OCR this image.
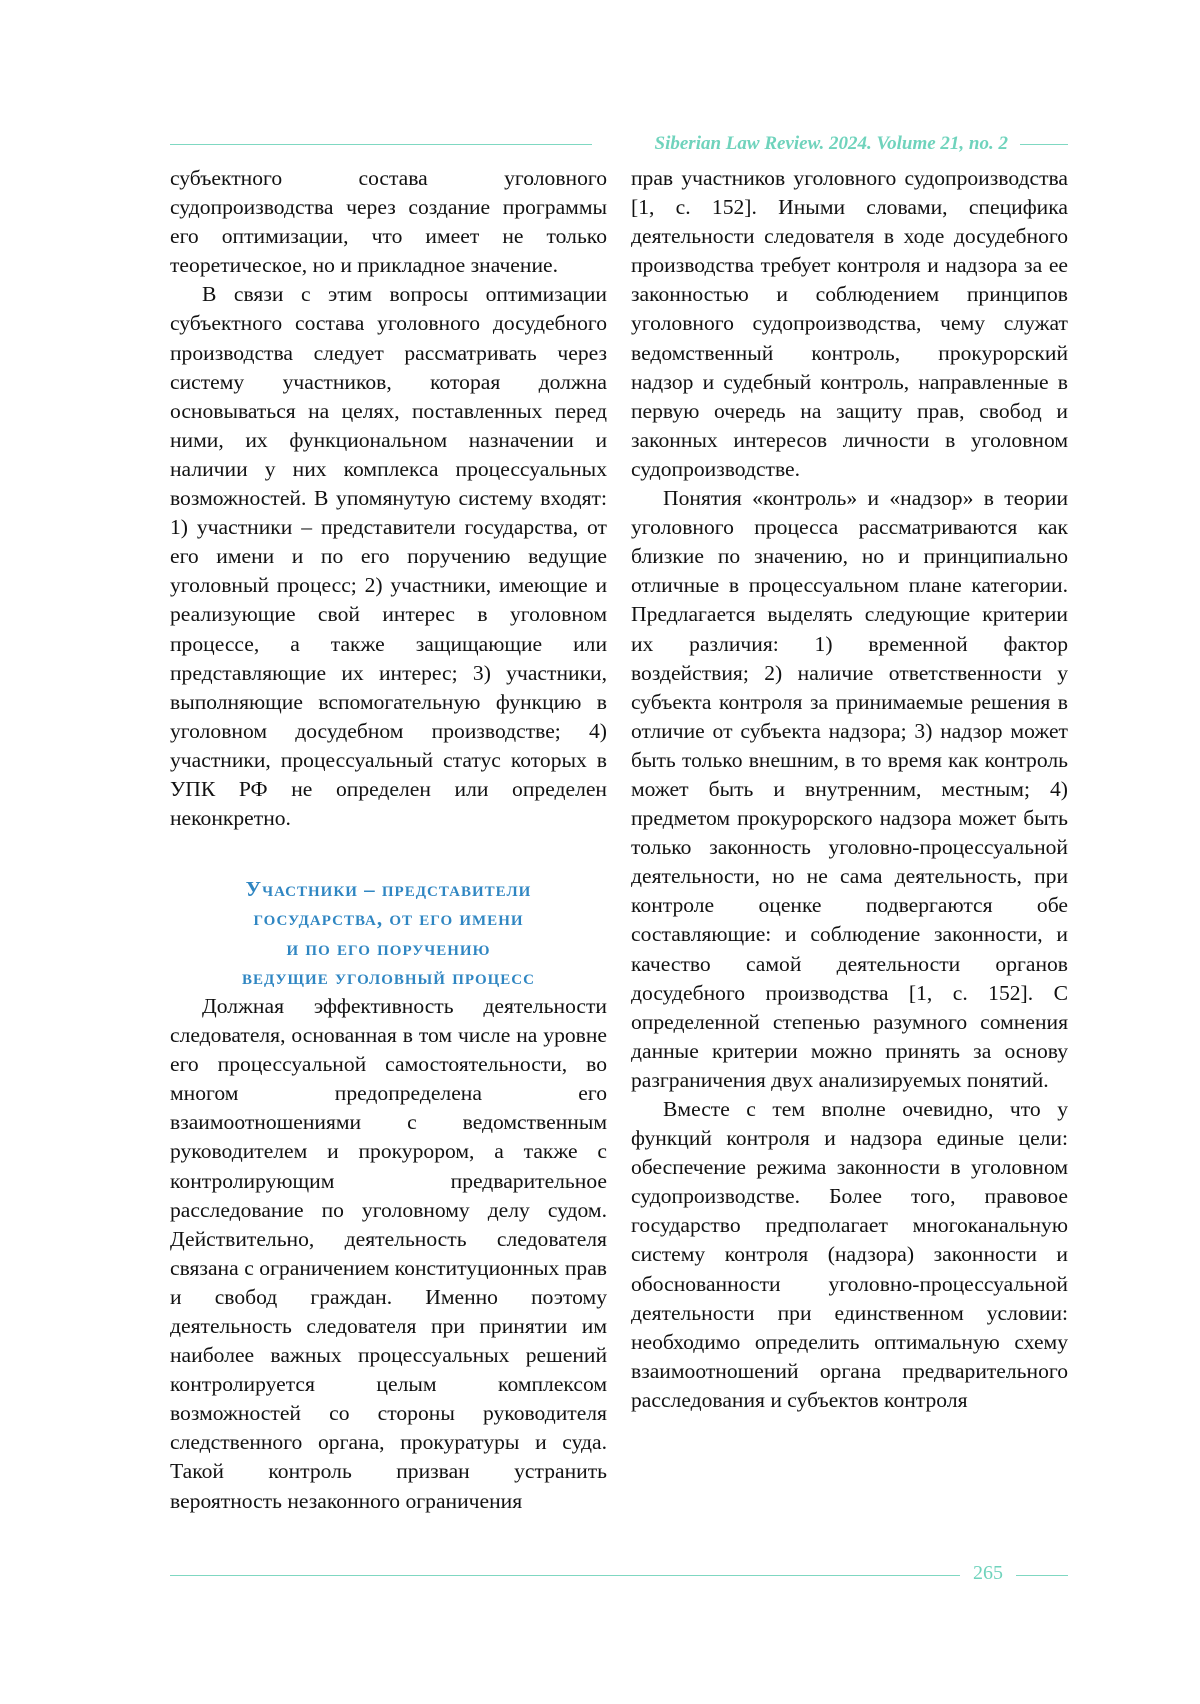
Siberian Law Review. 2024. Volume 21, no. 2

субъектного состава уголовного судопроизводства через создание программы его оптимизации, что имеет не только теоретическое, но и прикладное значение.

В связи с этим вопросы оптимизации субъектного состава уголовного досудебного производства следует рассматривать через систему участников, которая должна основываться на целях, поставленных перед ними, их функциональном назначении и наличии у них комплекса процессуальных возможностей. В упомянутую систему входят: 1) участники – представители государства, от его имени и по его поручению ведущие уголовный процесс; 2) участники, имеющие и реализующие свой интерес в уголовном процессе, а также защищающие или представляющие их интерес; 3) участники, выполняющие вспомогательную функцию в уголовном досудебном производстве; 4) участники, процессуальный статус которых в УПК РФ не определен или определен неконкретно.

Участники – представители
государства, от его имени
и по его поручению
ведущие уголовный процесс

Должная эффективность деятельности следователя, основанная в том числе на уровне его процессуальной самостоятельности, во многом предопределена его взаимоотношениями с ведомственным руководителем и прокурором, а также с контролирующим предварительное расследование по уголовному делу судом. Действительно, деятельность следователя связана с ограничением конституционных прав и свобод граждан. Именно поэтому деятельность следователя при принятии им наиболее важных процессуальных решений контролируется целым комплексом возможностей со стороны руководителя следственного органа, прокуратуры и суда. Такой контроль призван устранить вероятность незаконного ограничения

прав участников уголовного судопроизводства [1, с. 152]. Иными словами, специфика деятельности следователя в ходе досудебного производства требует контроля и надзора за ее законностью и соблюдением принципов уголовного судопроизводства, чему служат ведомственный контроль, прокурорский надзор и судебный контроль, направленные в первую очередь на защиту прав, свобод и законных интересов личности в уголовном судопроизводстве.

Понятия «контроль» и «надзор» в теории уголовного процесса рассматриваются как близкие по значению, но и принципиально отличные в процессуальном плане категории. Предлагается выделять следующие критерии их различия: 1) временной фактор воздействия; 2) наличие ответственности у субъекта контроля за принимаемые решения в отличие от субъекта надзора; 3) надзор может быть только внешним, в то время как контроль может быть и внутренним, местным; 4) предметом прокурорского надзора может быть только законность уголовно-процессуальной деятельности, но не сама деятельность, при контроле оценке подвергаются обе составляющие: и соблюдение законности, и качество самой деятельности органов досудебного производства [1, с. 152]. С определенной степенью разумного сомнения данные критерии можно принять за основу разграничения двух анализируемых понятий.

Вместе с тем вполне очевидно, что у функций контроля и надзора единые цели: обеспечение режима законности в уголовном судопроизводстве. Более того, правовое государство предполагает многоканальную систему контроля (надзора) законности и обоснованности уголовно-процессуальной деятельности при единственном условии: необходимо определить оптимальную схему взаимоотношений органа предварительного расследования и субъектов контроля

265
